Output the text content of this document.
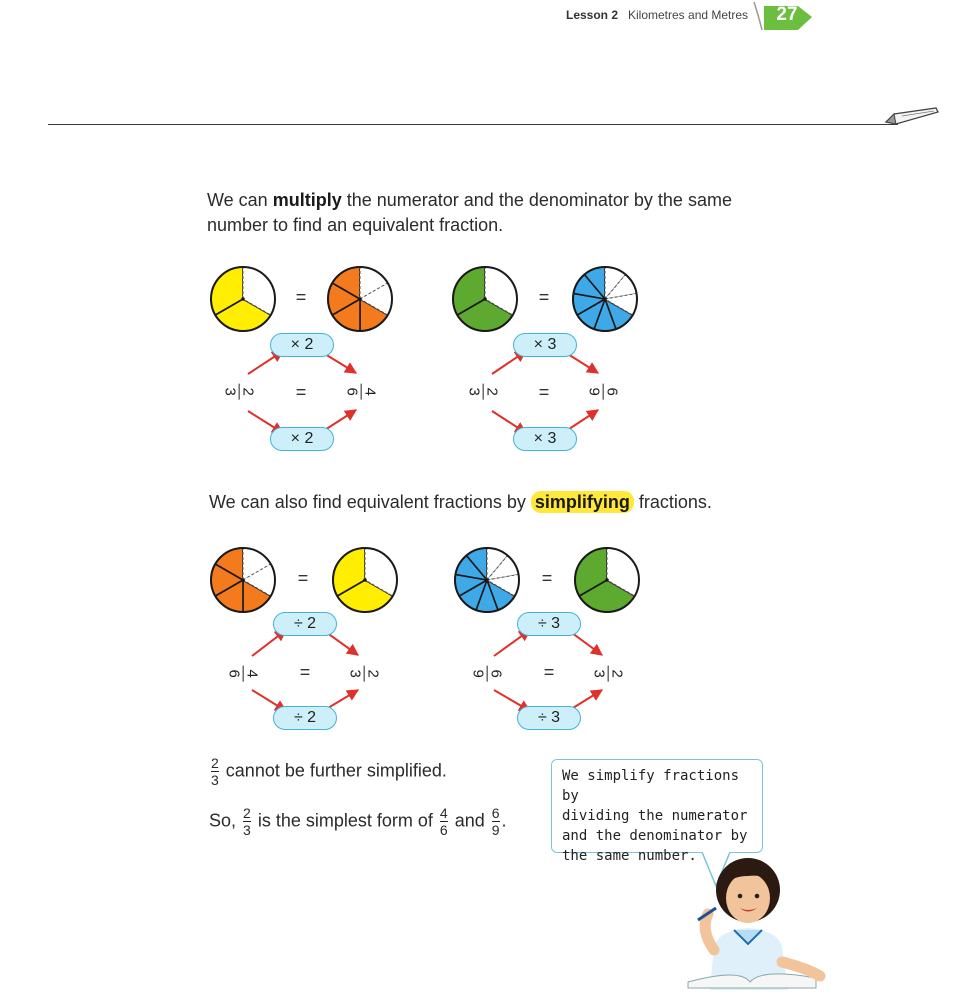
Lesson 2 Kilometres and Metres	27
We can multiply the numerator and the denominator by the same number to find an equivalent fraction.
=	=
× 2
× 2
2
3	=	4
6
× 3
× 3
2
3	=	6
9
We can also find equivalent fractions by simplifying fractions.
=	=
÷ 2
÷ 2
4
6	=	2
3
÷ 3
÷ 3
6
9	=	2
3
$\frac{2}{3}$ cannot be further simplified.
So, $\frac{2}{3}$ is the simplest form of $\frac{4}{6}$ and $\frac{6}{9}$ .
We simplify fractions by
dividing the numerator
and the denominator by
the same number.
